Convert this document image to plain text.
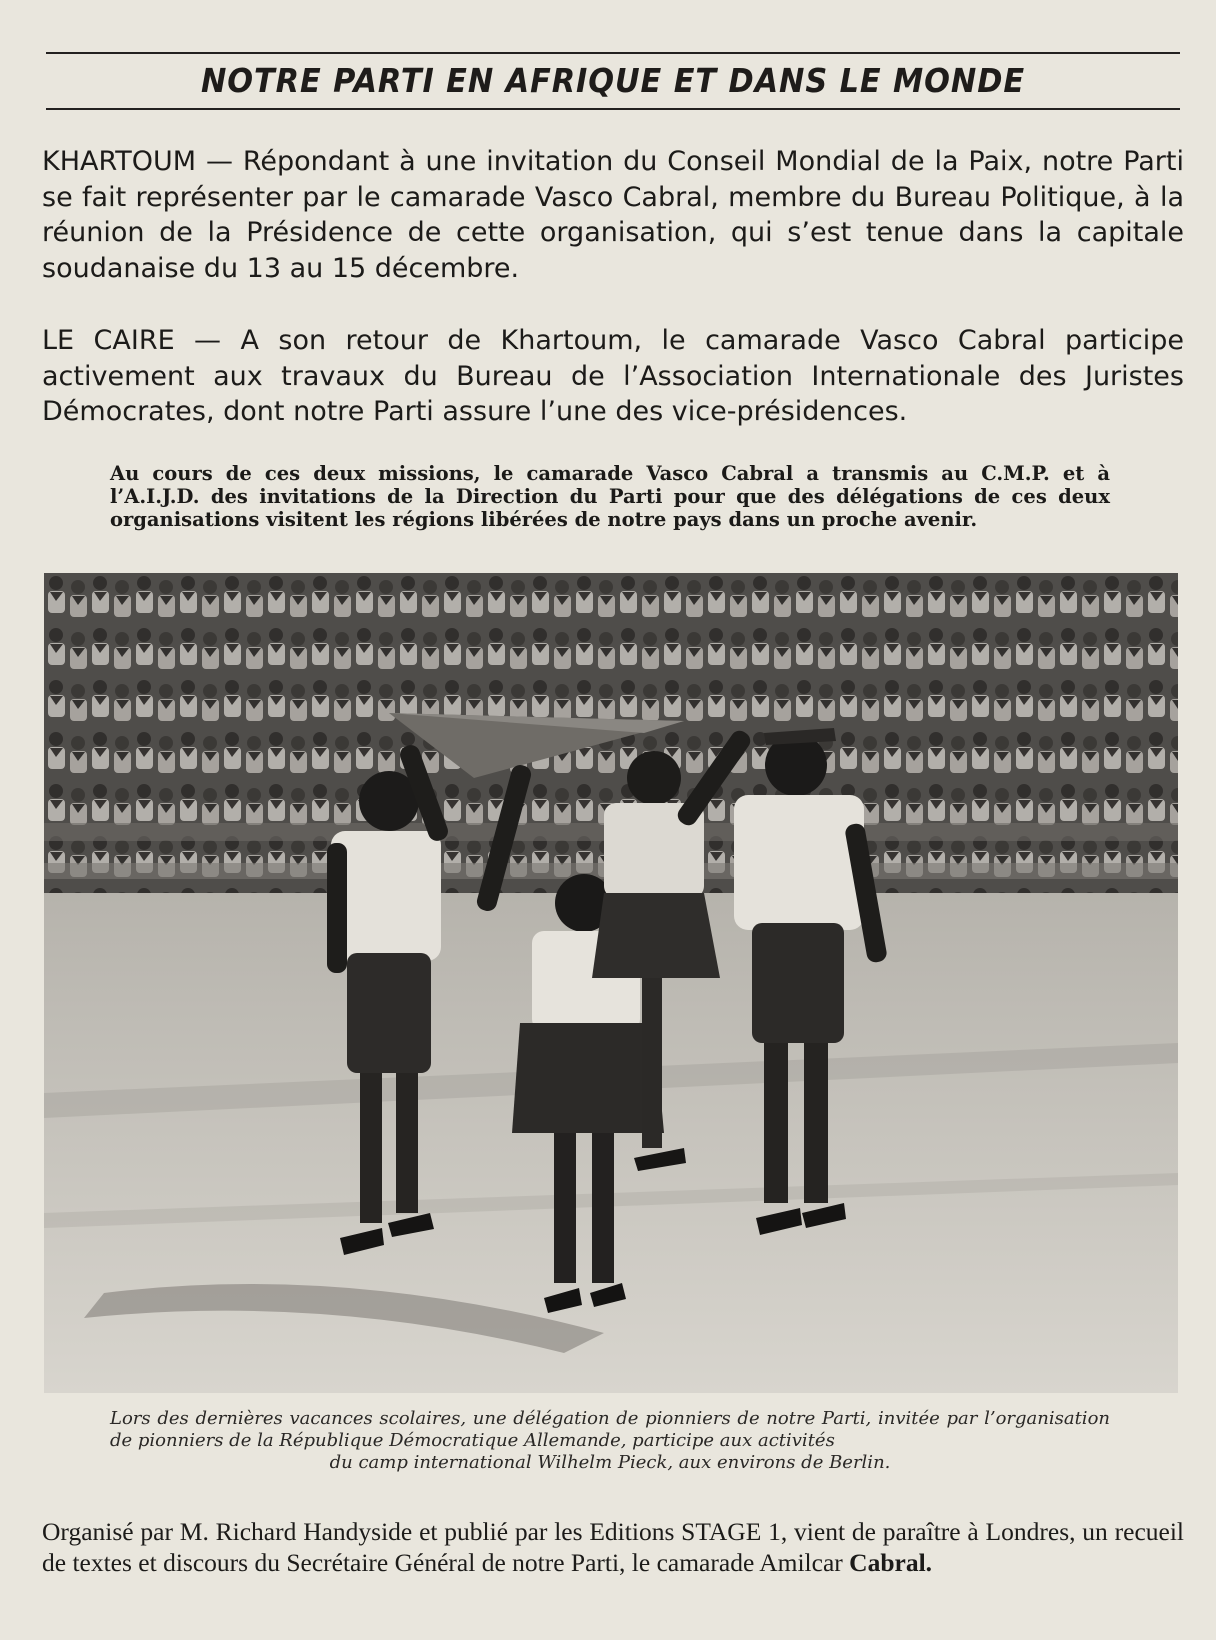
NOTRE PARTI EN AFRIQUE ET DANS LE MONDE

KHARTOUM — Répondant à une invitation du Conseil Mondial de la Paix, notre Parti se fait représenter par le camarade Vasco Cabral, membre du Bureau Politique, à la réunion de la Présidence de cette organisation, qui s’est tenue dans la capitale soudanaise du 13 au 15 décembre.

LE CAIRE — A son retour de Khartoum, le camarade Vasco Cabral participe activement aux travaux du Bureau de l’Association Internationale des Juristes Démocrates, dont notre Parti assure l’une des vice-présidences.

Au cours de ces deux missions, le camarade Vasco Cabral a transmis au C.M.P. et à l’A.I.J.D. des invitations de la Direction du Parti pour que des délégations de ces deux organisations visitent les régions libérées de notre pays dans un proche avenir.
Lors des dernières vacances scolaires, une délégation de pionniers de notre Parti, invitée par l’organisation de pionniers de la République Démocratique Allemande, participe aux activités
du camp international Wilhelm Pieck, aux environs de Berlin.
Organisé par M. Richard Handyside et publié par les Editions STAGE 1, vient de paraître à Londres, un recueil de textes et discours du Secrétaire Général de notre Parti, le camarade Amilcar Cabral.
